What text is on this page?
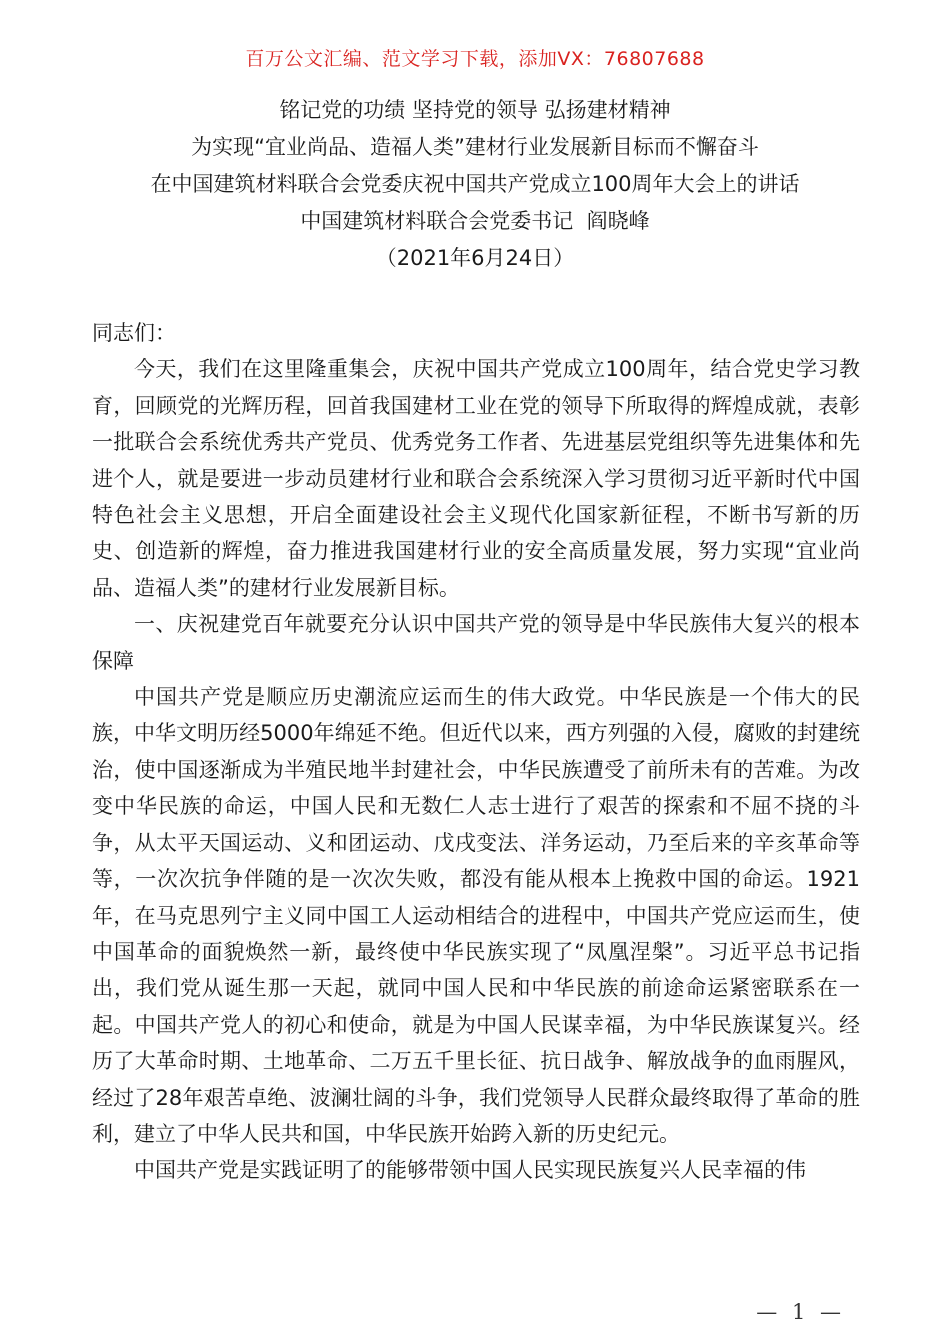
百万公文汇编、范文学习下载，添加VX：76807688
铭记党的功绩 坚持党的领导 弘扬建材精神
为实现“宜业尚品、造福人类”建材行业发展新目标而不懈奋斗
在中国建筑材料联合会党委庆祝中国共产党成立100周年大会上的讲话
中国建筑材料联合会党委书记  阎晓峰
（2021年6月24日）

同志们：

今天，我们在这里隆重集会，庆祝中国共产党成立100周年，结合党史学习教育，回顾党的光辉历程，回首我国建材工业在党的领导下所取得的辉煌成就，表彰一批联合会系统优秀共产党员、优秀党务工作者、先进基层党组织等先进集体和先进个人，就是要进一步动员建材行业和联合会系统深入学习贯彻习近平新时代中国特色社会主义思想，开启全面建设社会主义现代化国家新征程，不断书写新的历史、创造新的辉煌，奋力推进我国建材行业的安全高质量发展，努力实现“宜业尚品、造福人类”的建材行业发展新目标。

一、庆祝建党百年就要充分认识中国共产党的领导是中华民族伟大复兴的根本保障

中国共产党是顺应历史潮流应运而生的伟大政党。中华民族是一个伟大的民族，中华文明历经5000年绵延不绝。但近代以来，西方列强的入侵，腐败的封建统治，使中国逐渐成为半殖民地半封建社会，中华民族遭受了前所未有的苦难。为改变中华民族的命运，中国人民和无数仁人志士进行了艰苦的探索和不屈不挠的斗争，从太平天国运动、义和团运动、戊戌变法、洋务运动，乃至后来的辛亥革命等等，一次次抗争伴随的是一次次失败，都没有能从根本上挽救中国的命运。1921年，在马克思列宁主义同中国工人运动相结合的进程中，中国共产党应运而生，使中国革命的面貌焕然一新，最终使中华民族实现了“凤凰涅槃”。习近平总书记指出，我们党从诞生那一天起，就同中国人民和中华民族的前途命运紧密联系在一起。中国共产党人的初心和使命，就是为中国人民谋幸福，为中华民族谋复兴。经历了大革命时期、土地革命、二万五千里长征、抗日战争、解放战争的血雨腥风，经过了28年艰苦卓绝、波澜壮阔的斗争，我们党领导人民群众最终取得了革命的胜利，建立了中华人民共和国，中华民族开始跨入新的历史纪元。

中国共产党是实践证明了的能够带领中国人民实现民族复兴人民幸福的伟

— 1 —
